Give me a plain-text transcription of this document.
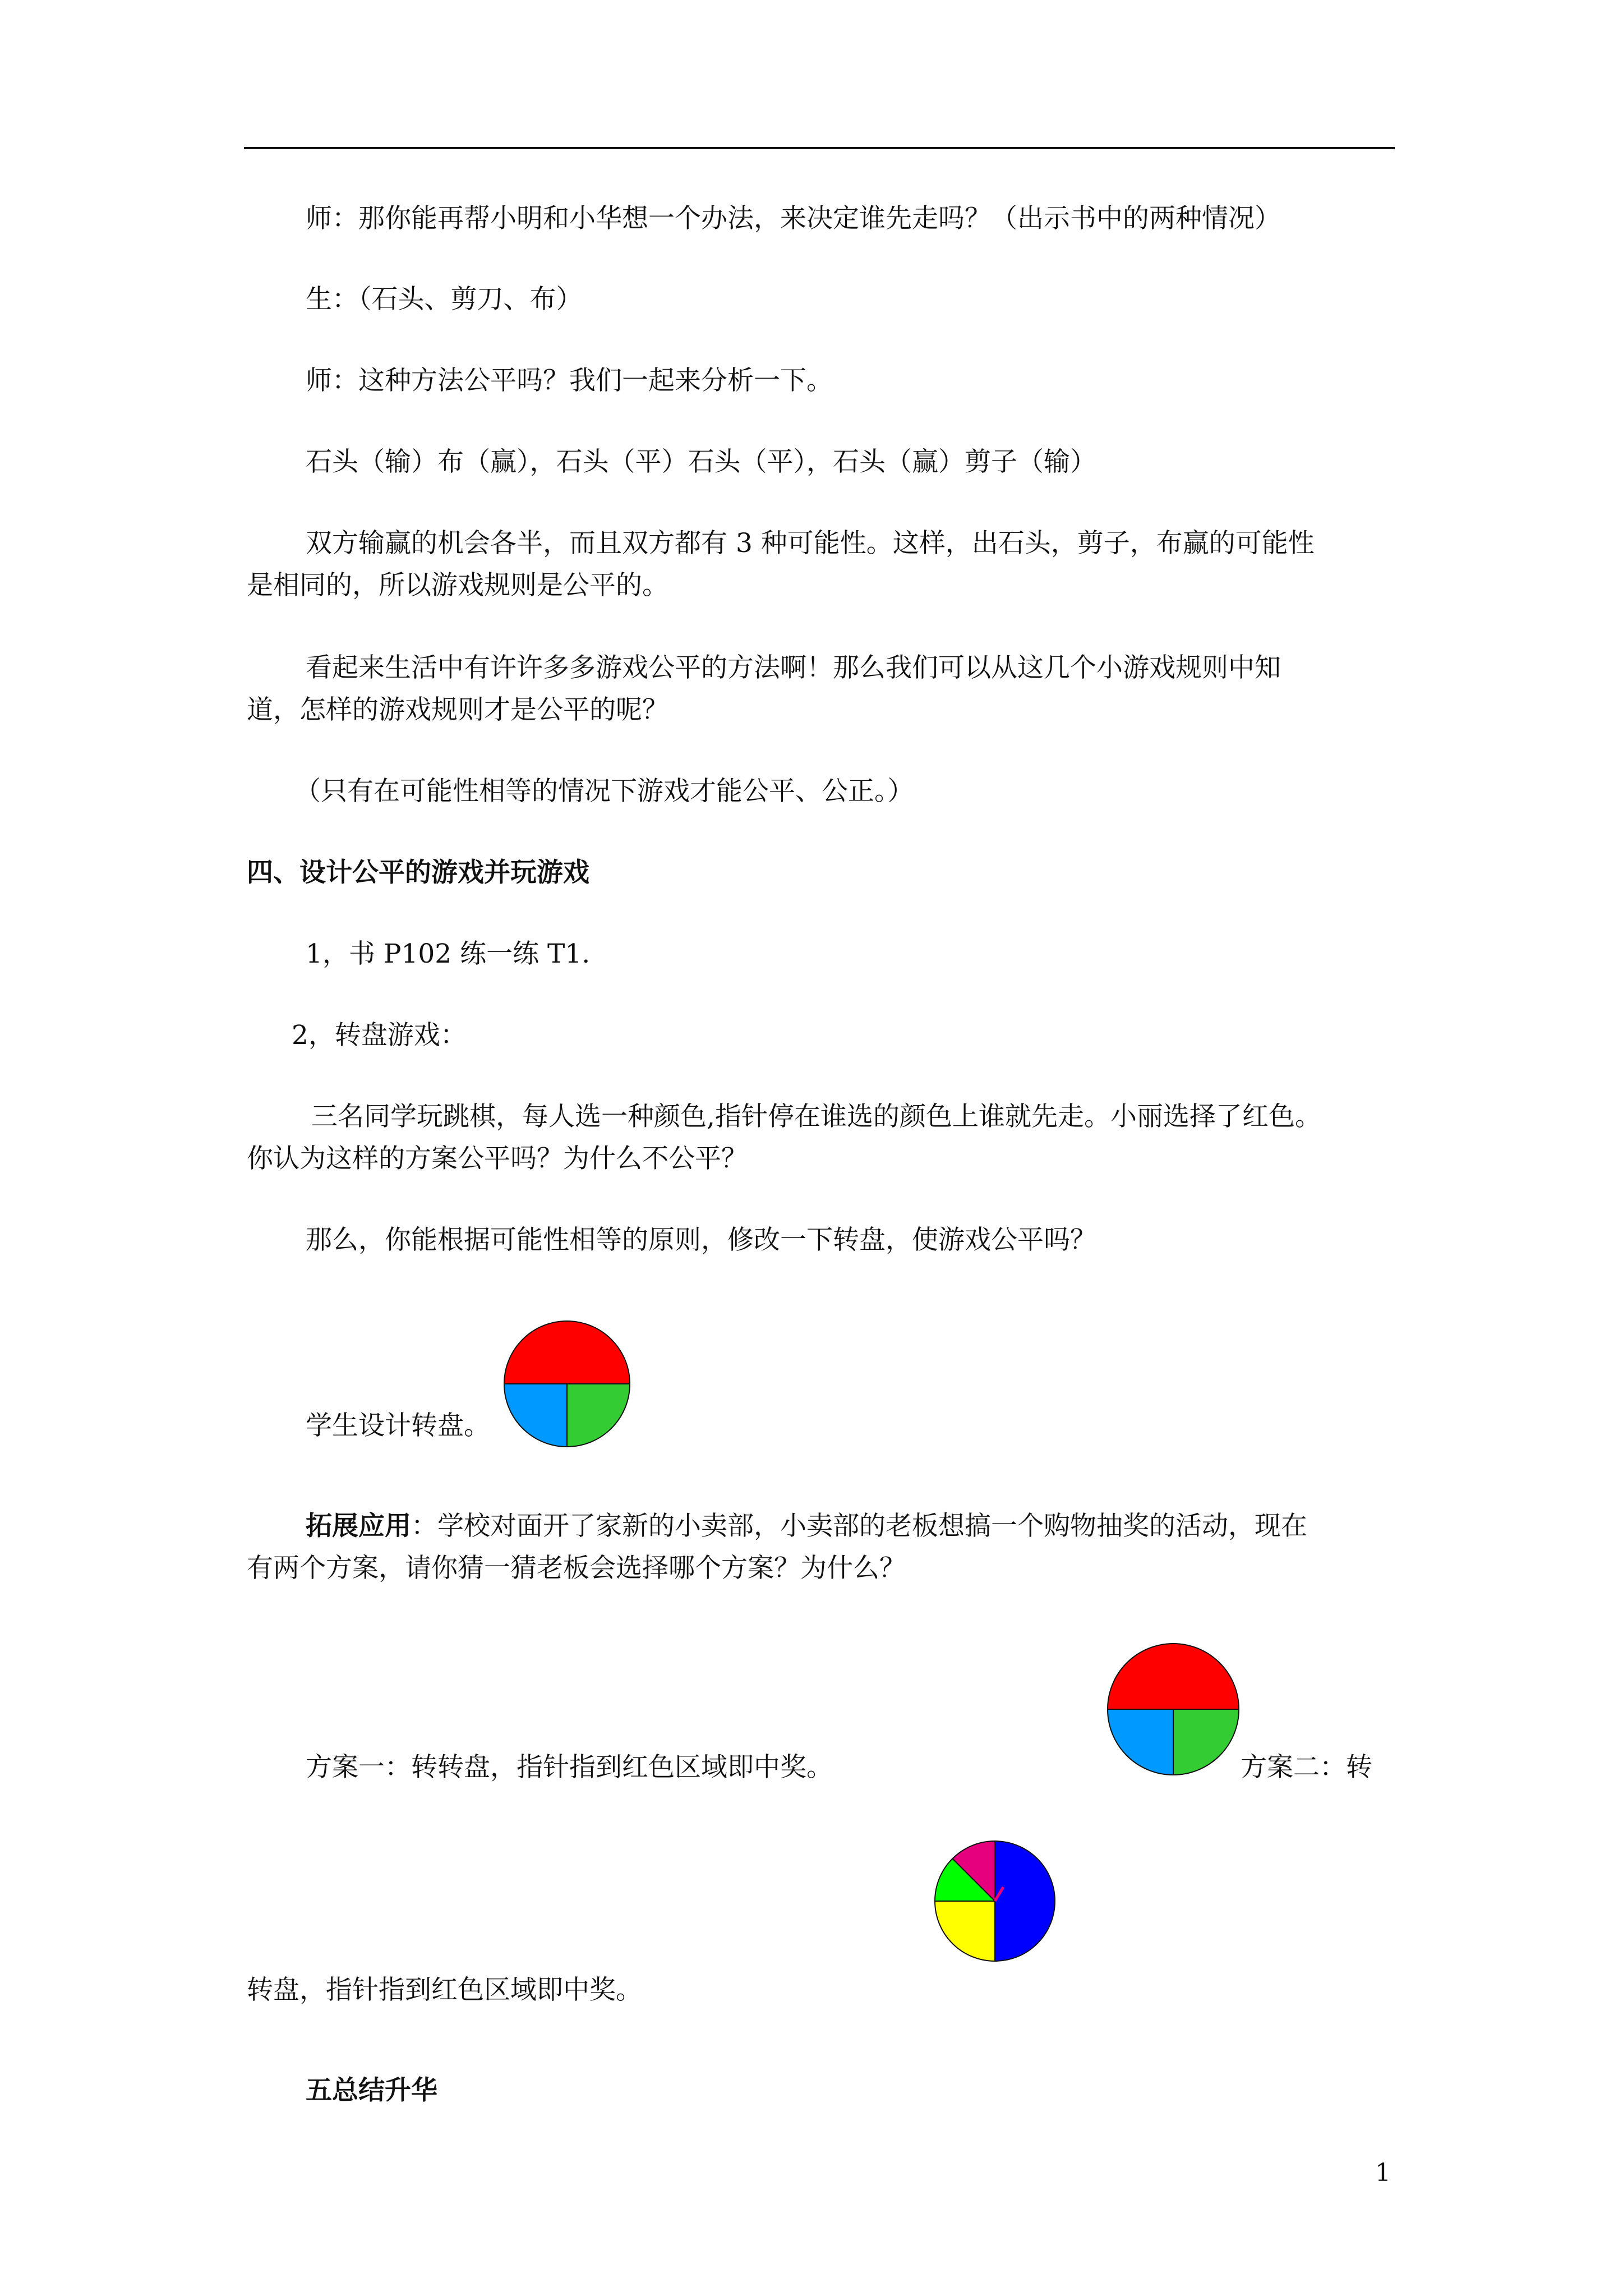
师：那你能再帮小明和小华想一个办法，来决定谁先走吗？（出示书中的两种情况）
生：（石头、剪刀、布）
师：这种方法公平吗？我们一起来分析一下。
石头（输）布（赢），石头（平）石头（平），石头（赢）剪子（输）
双方输赢的机会各半，而且双方都有 3 种可能性。这样，出石头，剪子，布赢的可能性
是相同的，所以游戏规则是公平的。
看起来生活中有许许多多游戏公平的方法啊！那么我们可以从这几个小游戏规则中知
道，怎样的游戏规则才是公平的呢？
（只有在可能性相等的情况下游戏才能公平、公正。）
四、设计公平的游戏并玩游戏
1，书 P102 练一练 T1.
2，转盘游戏：
三名同学玩跳棋，每人选一种颜色,指针停在谁选的颜色上谁就先走。小丽选择了红色。
你认为这样的方案公平吗？为什么不公平？
那么，你能根据可能性相等的原则，修改一下转盘，使游戏公平吗？
学生设计转盘。
拓展应用：学校对面开了家新的小卖部，小卖部的老板想搞一个购物抽奖的活动，现在
有两个方案，请你猜一猜老板会选择哪个方案？为什么？
方案一：转转盘，指针指到红色区域即中奖。	方案二：转
转盘，指针指到红色区域即中奖。
五总结升华
1
